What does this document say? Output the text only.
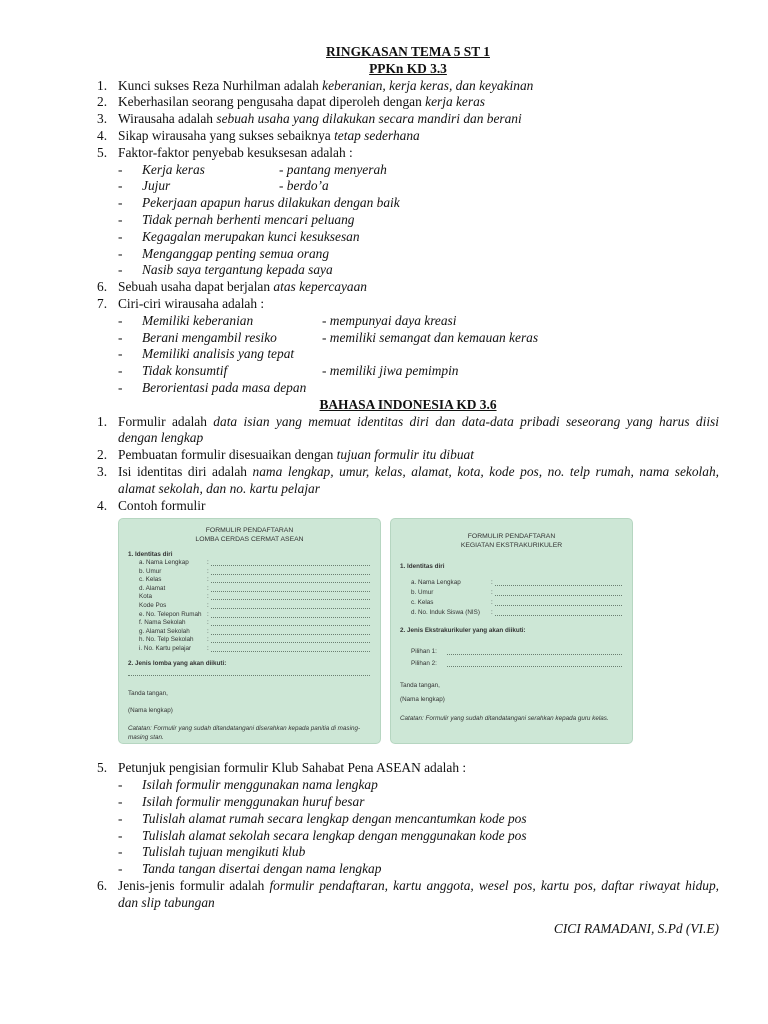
RINGKASAN TEMA 5 ST 1
PPKn KD 3.3
1. Kunci sukses Reza Nurhilman adalah keberanian, kerja keras, dan keyakinan
2. Keberhasilan seorang pengusaha dapat diperoleh dengan kerja keras
3. Wirausaha adalah sebuah usaha yang dilakukan secara mandiri dan berani
4. Sikap wirausaha yang sukses sebaiknya tetap sederhana
5. Faktor-faktor penyebab kesuksesan adalah :
- Kerja keras	- pantang menyerah
- Jujur	- berdo’a
- Pekerjaan apapun harus dilakukan dengan baik
- Tidak pernah berhenti mencari peluang
- Kegagalan merupakan kunci kesuksesan
- Menganggap penting semua orang
- Nasib saya tergantung kepada saya
6. Sebuah usaha dapat berjalan atas kepercayaan
7. Ciri-ciri wirausaha adalah :
- Memiliki keberanian	- mempunyai daya kreasi
- Berani mengambil resiko	- memiliki semangat dan kemauan keras
- Memiliki analisis yang tepat
- Tidak konsumtif	- memiliki jiwa pemimpin
- Berorientasi pada masa depan
BAHASA INDONESIA KD 3.6
1. Formulir adalah data isian yang memuat identitas diri dan data-data pribadi seseorang yang harus diisi dengan lengkap
2. Pembuatan formulir disesuaikan dengan tujuan formulir itu dibuat
3. Isi identitas diri adalah nama lengkap, umur, kelas, alamat, kota, kode pos, no. telp rumah, nama sekolah, alamat sekolah, dan no. kartu pelajar
4. Contoh formulir
FORMULIR PENDAFTARAN
LOMBA CERDAS CERMAT ASEAN
1. Identitas diri
a. Nama Lengkap	:
b. Umur	:
c. Kelas	:
d. Alamat	:
Kota	:
Kode Pos	:
e. No. Telepon Rumah :
f. Nama Sekolah	:
g. Alamat Sekolah	:
h. No. Telp Sekolah :
i. No. Kartu pelajar	:
2. Jenis lomba yang akan diikuti:
Tanda tangan,
(Nama lengkap)
Catatan: Formulir yang sudah ditandatangani diserahkan kepada panitia di masing-masing stan.
FORMULIR PENDAFTARAN
KEGIATAN EKSTRAKURIKULER
1. Identitas diri
a. Nama Lengkap	:
b. Umur	:
c. Kelas	:
d. No. Induk Siswa (NIS) :
2. Jenis Ekstrakurikuler yang akan diikuti:
Pilihan 1:
Pilihan 2:
Tanda tangan,
(Nama lengkap)
Catatan: Formulir yang sudah ditandatangani serahkan kepada guru kelas.
5. Petunjuk pengisian formulir Klub Sahabat Pena ASEAN adalah :
- Isilah formulir menggunakan nama lengkap
- Isilah formulir menggunakan huruf besar
- Tulislah alamat rumah secara lengkap dengan mencantumkan kode pos
- Tulislah alamat sekolah secara lengkap dengan menggunakan kode pos
- Tulislah tujuan mengikuti klub
- Tanda tangan disertai dengan nama lengkap
6. Jenis-jenis formulir adalah formulir pendaftaran, kartu anggota, wesel pos, kartu pos, daftar riwayat hidup, dan slip tabungan
CICI RAMADANI, S.Pd (VI.E)
